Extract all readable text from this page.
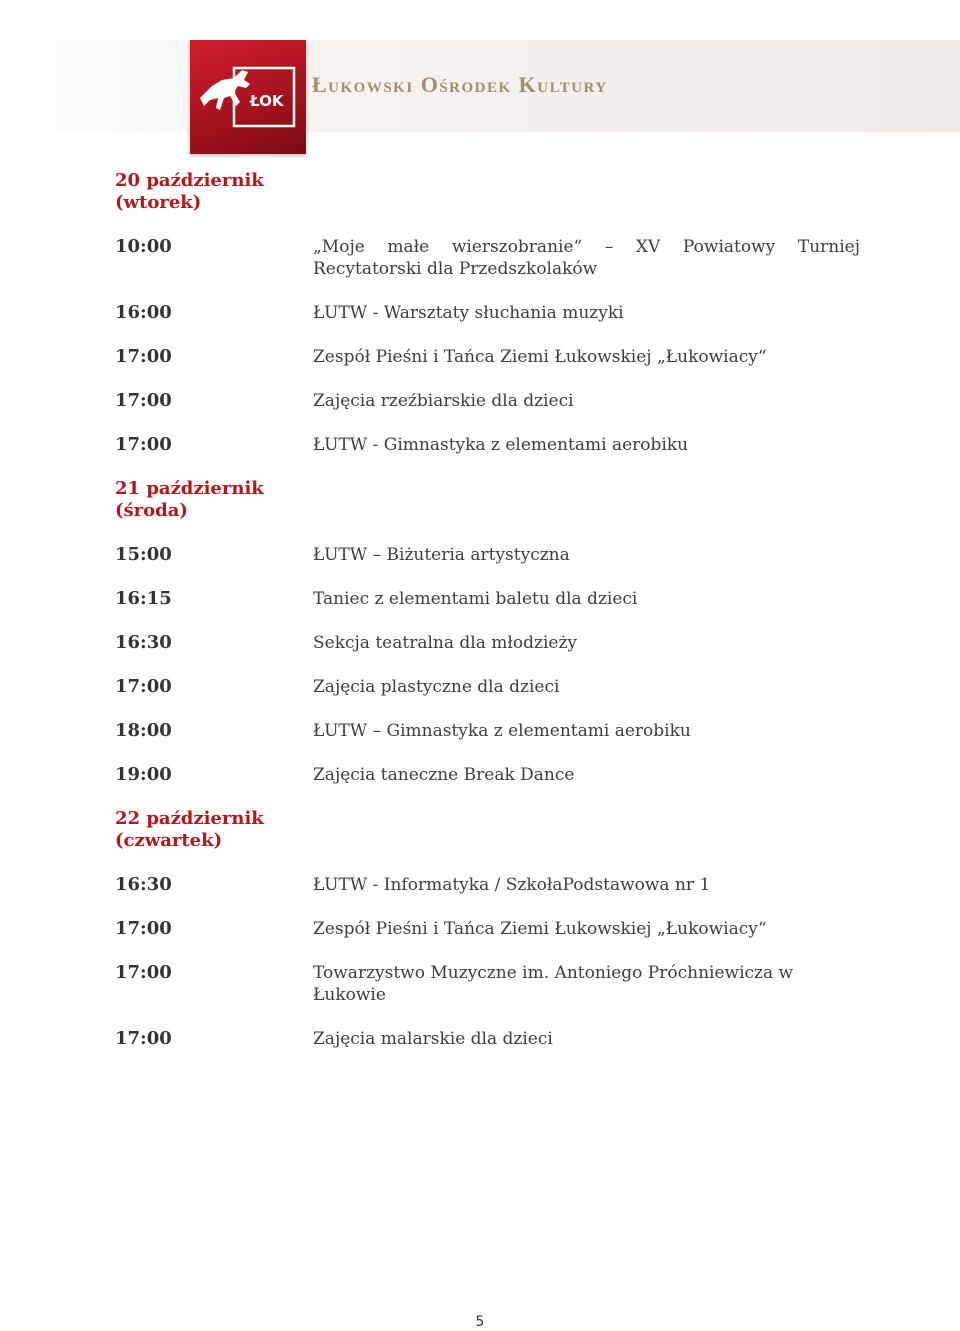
ŁOK
Łukowski Ośrodek Kultury
20 październik (wtorek)
10:00	„Moje małe wierszobranie“ – XV Powiatowy Turniej Recytatorski dla Przedszkolaków
16:00	ŁUTW - Warsztaty słuchania muzyki
17:00	Zespół Pieśni i Tańca Ziemi Łukowskiej „Łukowiacy“
17:00	Zajęcia rzeźbiarskie dla dzieci
17:00	ŁUTW - Gimnastyka z elementami aerobiku
21 październik (środa)
15:00	ŁUTW – Biżuteria artystyczna
16:15	Taniec z elementami baletu dla dzieci
16:30	Sekcja teatralna dla młodzieży
17:00	Zajęcia plastyczne dla dzieci
18:00	ŁUTW – Gimnastyka z elementami aerobiku
19:00	Zajęcia taneczne Break Dance
22 październik (czwartek)
16:30	ŁUTW - Informatyka / SzkołaPodstawowa nr 1
17:00	Zespół Pieśni i Tańca Ziemi Łukowskiej „Łukowiacy“
17:00	Towarzystwo Muzyczne im. Antoniego Próchniewicza w Łukowie
17:00	Zajęcia malarskie dla dzieci
5
